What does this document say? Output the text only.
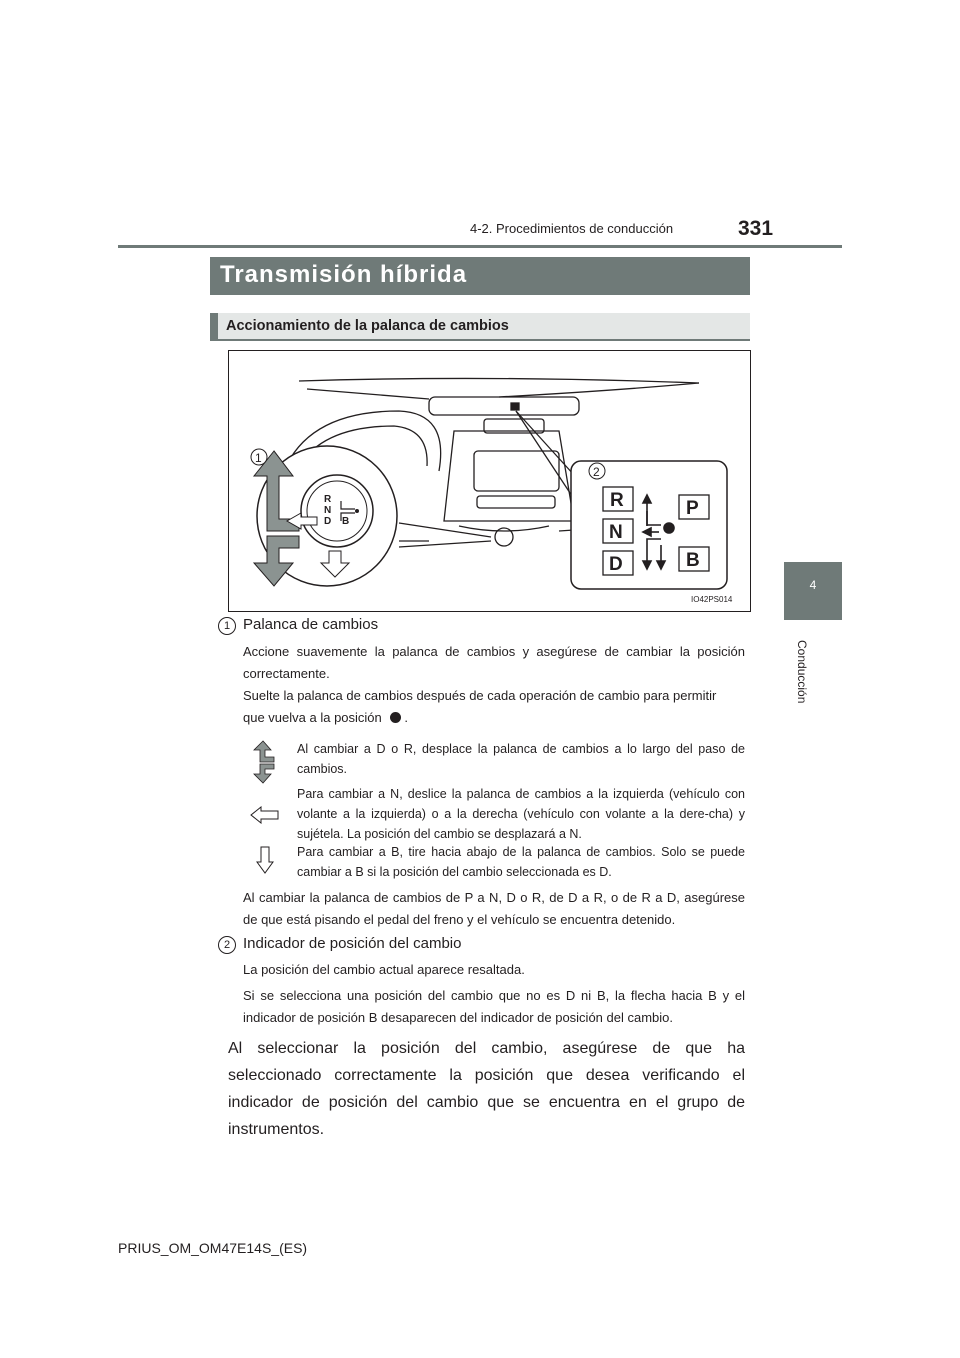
4-2. Procedimientos de conducción	331
4
Conducción
Transmisión híbrida
Accionamiento de la palanca de cambios
R
N
D B
1
2
R
N
D
P
B
IO42PS014
1 Palanca de cambios
Accione suavemente la palanca de cambios y asegúrese de cambiar la posición correctamente.
Suelte la palanca de cambios después de cada operación de cambio para permitir
que vuelva a la posición .
Al cambiar a D o R, desplace la palanca de cambios a lo largo del paso de cambios.
Para cambiar a N, deslice la palanca de cambios a la izquierda (vehículo con volante a la izquierda) o a la derecha (vehículo con volante a la dere-cha) y sujétela. La posición del cambio se desplazará a N.
Para cambiar a B, tire hacia abajo de la palanca de cambios. Solo se puede cambiar a B si la posición del cambio seleccionada es D.
Al cambiar la palanca de cambios de P a N, D o R, de D a R, o de R a D, asegúrese de que está pisando el pedal del freno y el vehículo se encuentra detenido.
2 Indicador de posición del cambio
La posición del cambio actual aparece resaltada.
Si se selecciona una posición del cambio que no es D ni B, la flecha hacia B y el indicador de posición B desaparecen del indicador de posición del cambio.
Al seleccionar la posición del cambio, asegúrese de que ha seleccionado correctamente la posición que desea verificando el indicador de posición del cambio que se encuentra en el grupo de instrumentos.
PRIUS_OM_OM47E14S_(ES)
